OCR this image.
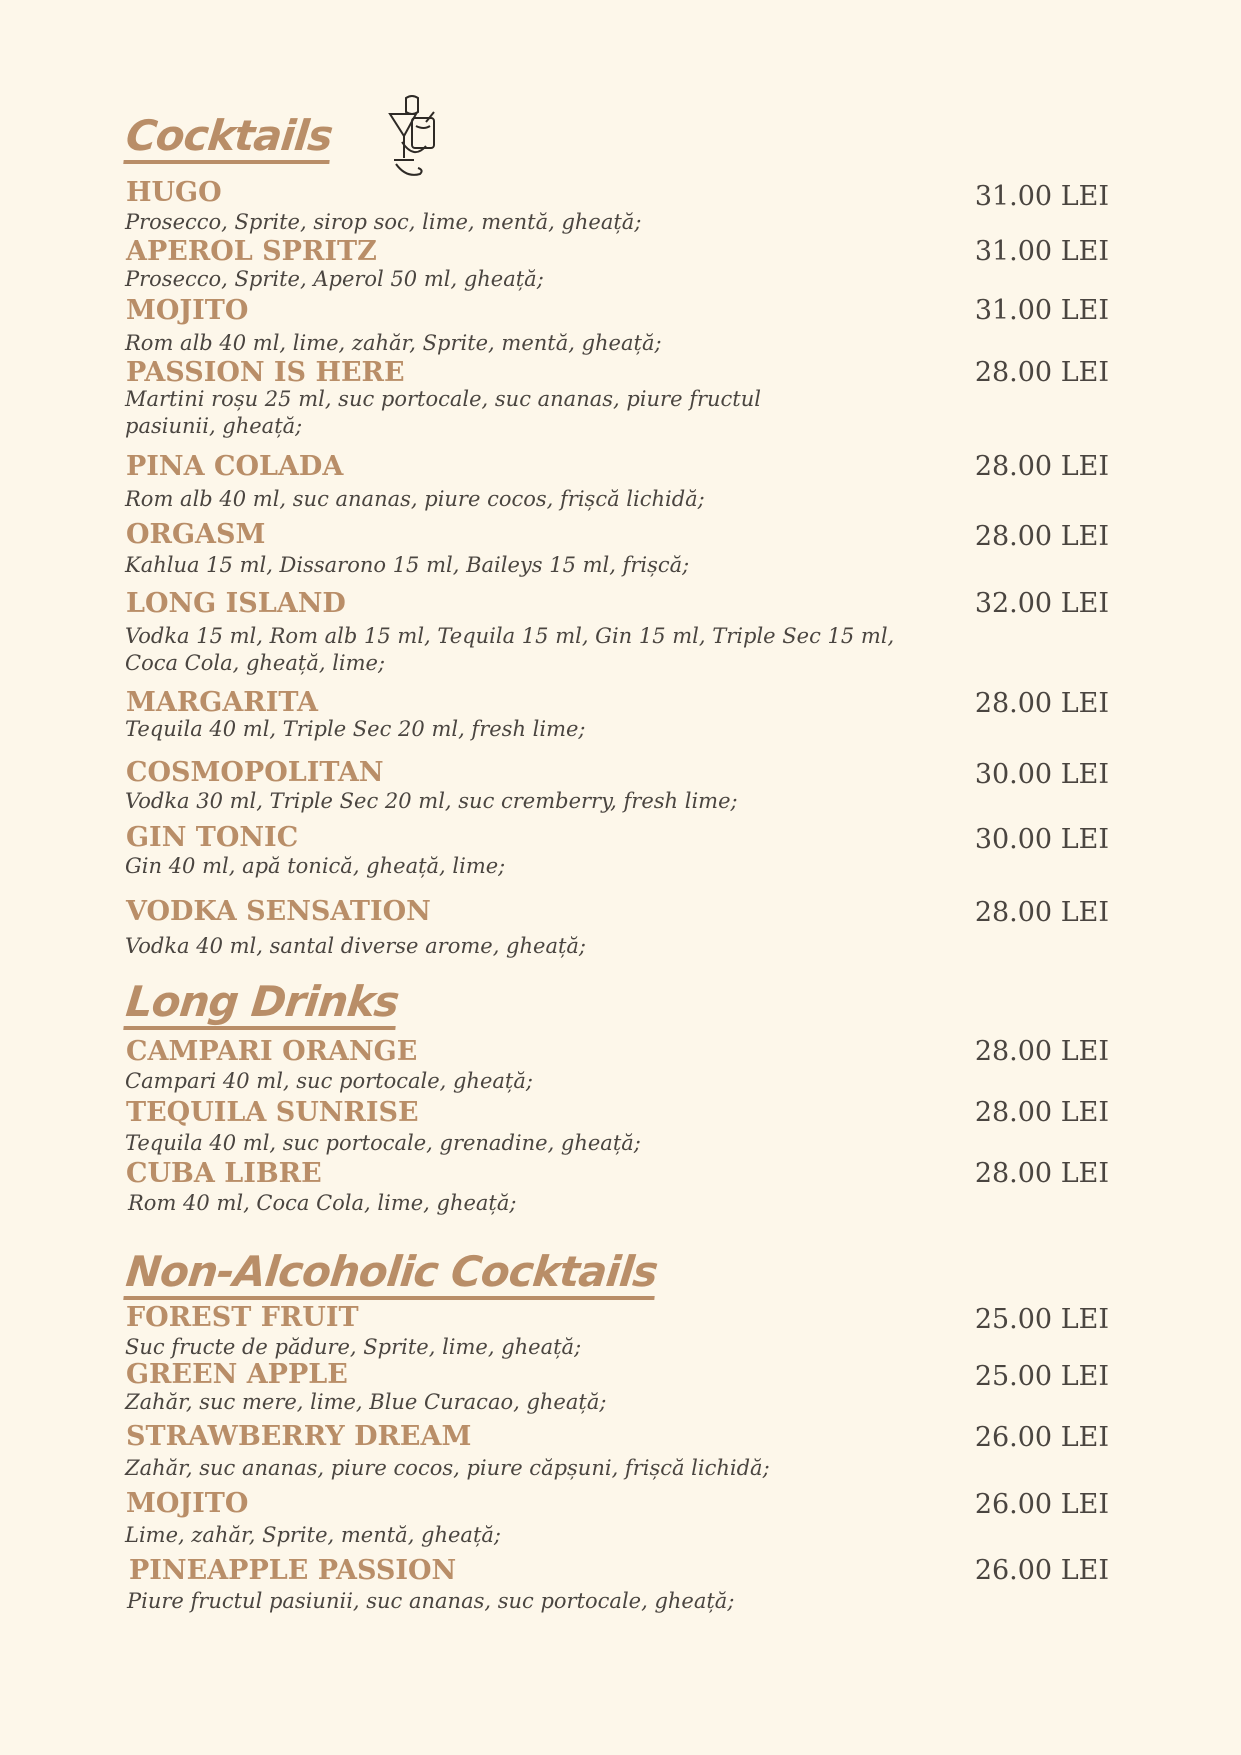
Cocktails
Long Drinks
Non-Alcoholic Cocktails
HUGO
Prosecco, Sprite, sirop soc, lime, mentă, gheață;
31.00 LEI
APEROL SPRITZ
Prosecco, Sprite, Aperol 50 ml, gheață;
31.00 LEI
MOJITO
Rom alb 40 ml, lime, zahăr, Sprite, mentă, gheață;
31.00 LEI
PASSION IS HERE
Martini roșu 25 ml, suc portocale, suc ananas, piure fructul pasiunii, gheață;
28.00 LEI
PINA COLADA
Rom alb 40 ml, suc ananas, piure cocos, frișcă lichidă;
28.00 LEI
ORGASM
Kahlua 15 ml, Dissarono 15 ml, Baileys 15 ml, frișcă;
28.00 LEI
LONG ISLAND
Vodka 15 ml, Rom alb 15 ml, Tequila 15 ml, Gin 15 ml, Triple Sec 15 ml, Coca Cola, gheață, lime;
32.00 LEI
MARGARITA
Tequila 40 ml, Triple Sec 20 ml, fresh lime;
28.00 LEI
COSMOPOLITAN
Vodka 30 ml, Triple Sec 20 ml, suc cremberry, fresh lime;
30.00 LEI
GIN TONIC
Gin 40 ml, apă tonică, gheață, lime;
30.00 LEI
VODKA SENSATION
Vodka 40 ml, santal diverse arome, gheață;
28.00 LEI
CAMPARI ORANGE
Campari 40 ml, suc portocale, gheață;
28.00 LEI
TEQUILA SUNRISE
Tequila 40 ml, suc portocale, grenadine, gheață;
28.00 LEI
CUBA LIBRE
Rom 40 ml, Coca Cola, lime, gheață;
28.00 LEI
FOREST FRUIT
Suc fructe de pădure, Sprite, lime, gheață;
25.00 LEI
GREEN APPLE
Zahăr, suc mere, lime, Blue Curacao, gheață;
25.00 LEI
STRAWBERRY DREAM
Zahăr, suc ananas, piure cocos, piure căpșuni, frișcă lichidă;
26.00 LEI
MOJITO
Lime, zahăr, Sprite, mentă, gheață;
26.00 LEI
PINEAPPLE PASSION
Piure fructul pasiunii, suc ananas, suc portocale, gheață;
26.00 LEI
